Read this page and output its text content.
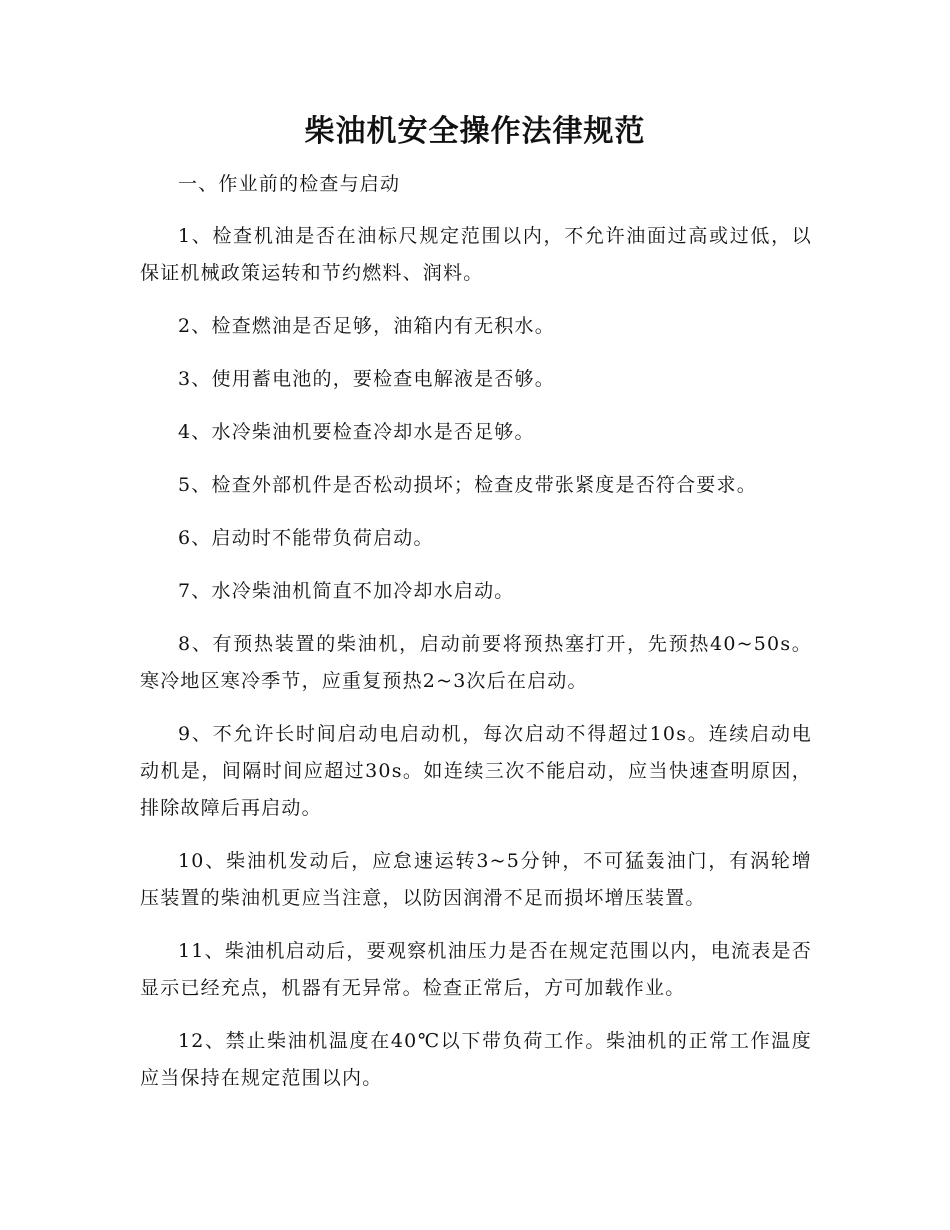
柴油机安全操作法律规范

一、作业前的检查与启动

1、检查机油是否在油标尺规定范围以内，不允许油面过高或过低，以保证机械政策运转和节约燃料、润料。

2、检查燃油是否足够，油箱内有无积水。

3、使用蓄电池的，要检查电解液是否够。

4、水冷柴油机要检查冷却水是否足够。

5、检查外部机件是否松动损坏；检查皮带张紧度是否符合要求。

6、启动时不能带负荷启动。

7、水冷柴油机简直不加冷却水启动。

8、有预热装置的柴油机，启动前要将预热塞打开，先预热40~50s。寒冷地区寒冷季节，应重复预热2~3次后在启动。

9、不允许长时间启动电启动机，每次启动不得超过10s。连续启动电动机是，间隔时间应超过30s。如连续三次不能启动，应当快速查明原因，排除故障后再启动。

10、柴油机发动后，应怠速运转3~5分钟，不可猛轰油门，有涡轮增压装置的柴油机更应当注意，以防因润滑不足而损坏增压装置。

11、柴油机启动后，要观察机油压力是否在规定范围以内，电流表是否显示已经充点，机器有无异常。检查正常后，方可加载作业。

12、禁止柴油机温度在40℃以下带负荷工作。柴油机的正常工作温度应当保持在规定范围以内。
